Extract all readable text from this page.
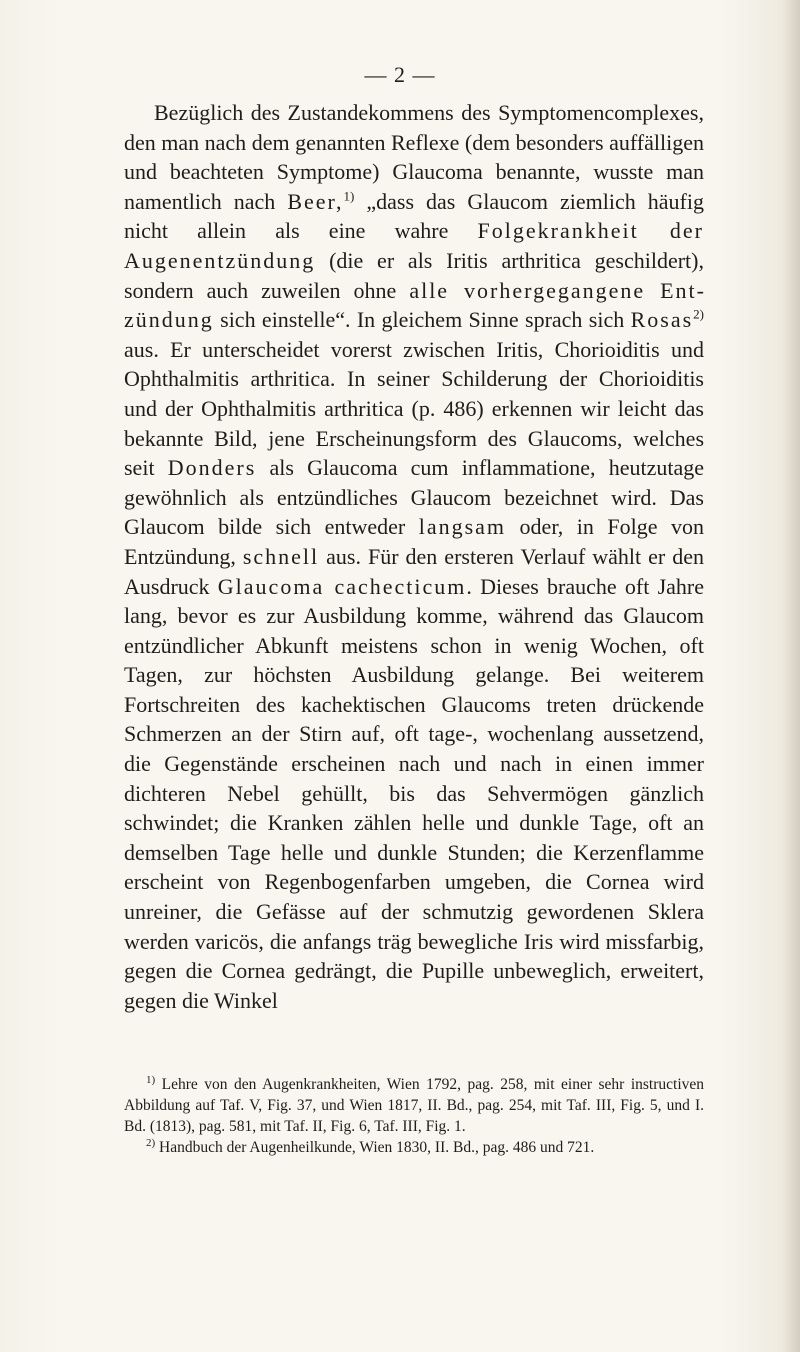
— 2 —

Bezüglich des Zustandekommens des Symptomencomplexes, den man nach dem genannten Reflexe (dem besonders auffälligen und beachteten Symptome) Glaucoma benannte, wusste man namentlich nach Beer,$^{1)}$ „dass das Glaucom ziemlich häufig nicht allein als eine wahre Folgekrankheit der Augenentzündung (die er als Iritis arthritica geschildert), sondern auch zuweilen ohne alle vorhergegangene Entzündung sich einstelle“. In gleichem Sinne sprach sich Rosas$^{2)}$ aus. Er unterscheidet vorerst zwischen Iritis, Chorioiditis und Ophthalmitis arthritica. In seiner Schilderung der Chorioiditis und der Ophthalmitis arthritica (p. 486) erkennen wir leicht das bekannte Bild, jene Erscheinungsform des Glaucoms, welches seit Donders als Glaucoma cum inflammatione, heutzutage gewöhnlich als entzündliches Glaucom bezeichnet wird. Das Glaucom bilde sich entweder langsam oder, in Folge von Entzündung, schnell aus. Für den ersteren Verlauf wählt er den Ausdruck Glaucoma cachecticum. Dieses brauche oft Jahre lang, bevor es zur Ausbildung komme, während das Glaucom entzündlicher Abkunft meistens schon in wenig Wochen, oft Tagen, zur höchsten Ausbildung gelange. Bei weiterem Fortschreiten des kachektischen Glaucoms treten drückende Schmerzen an der Stirn auf, oft tage-, wochenlang aussetzend, die Gegenstände erscheinen nach und nach in einen immer dichteren Nebel gehüllt, bis das Sehvermögen gänzlich schwindet; die Kranken zählen helle und dunkle Tage, oft an demselben Tage helle und dunkle Stunden; die Kerzenflamme erscheint von Regenbogenfarben umgeben, die Cornea wird unreiner, die Gefässe auf der schmutzig gewordenen Sklera werden varicös, die anfangs träg bewegliche Iris wird missfarbig, gegen die Cornea gedrängt, die Pupille unbeweglich, erweitert, gegen die Winkel

$^{1)}$ Lehre von den Augenkrankheiten, Wien 1792, pag. 258, mit einer sehr instructiven Abbildung auf Taf. V, Fig. 37, und Wien 1817, II. Bd., pag. 254, mit Taf. III, Fig. 5, und I. Bd. (1813), pag. 581, mit Taf. II, Fig. 6, Taf. III, Fig. 1.

$^{2)}$ Handbuch der Augenheilkunde, Wien 1830, II. Bd., pag. 486 und 721.
